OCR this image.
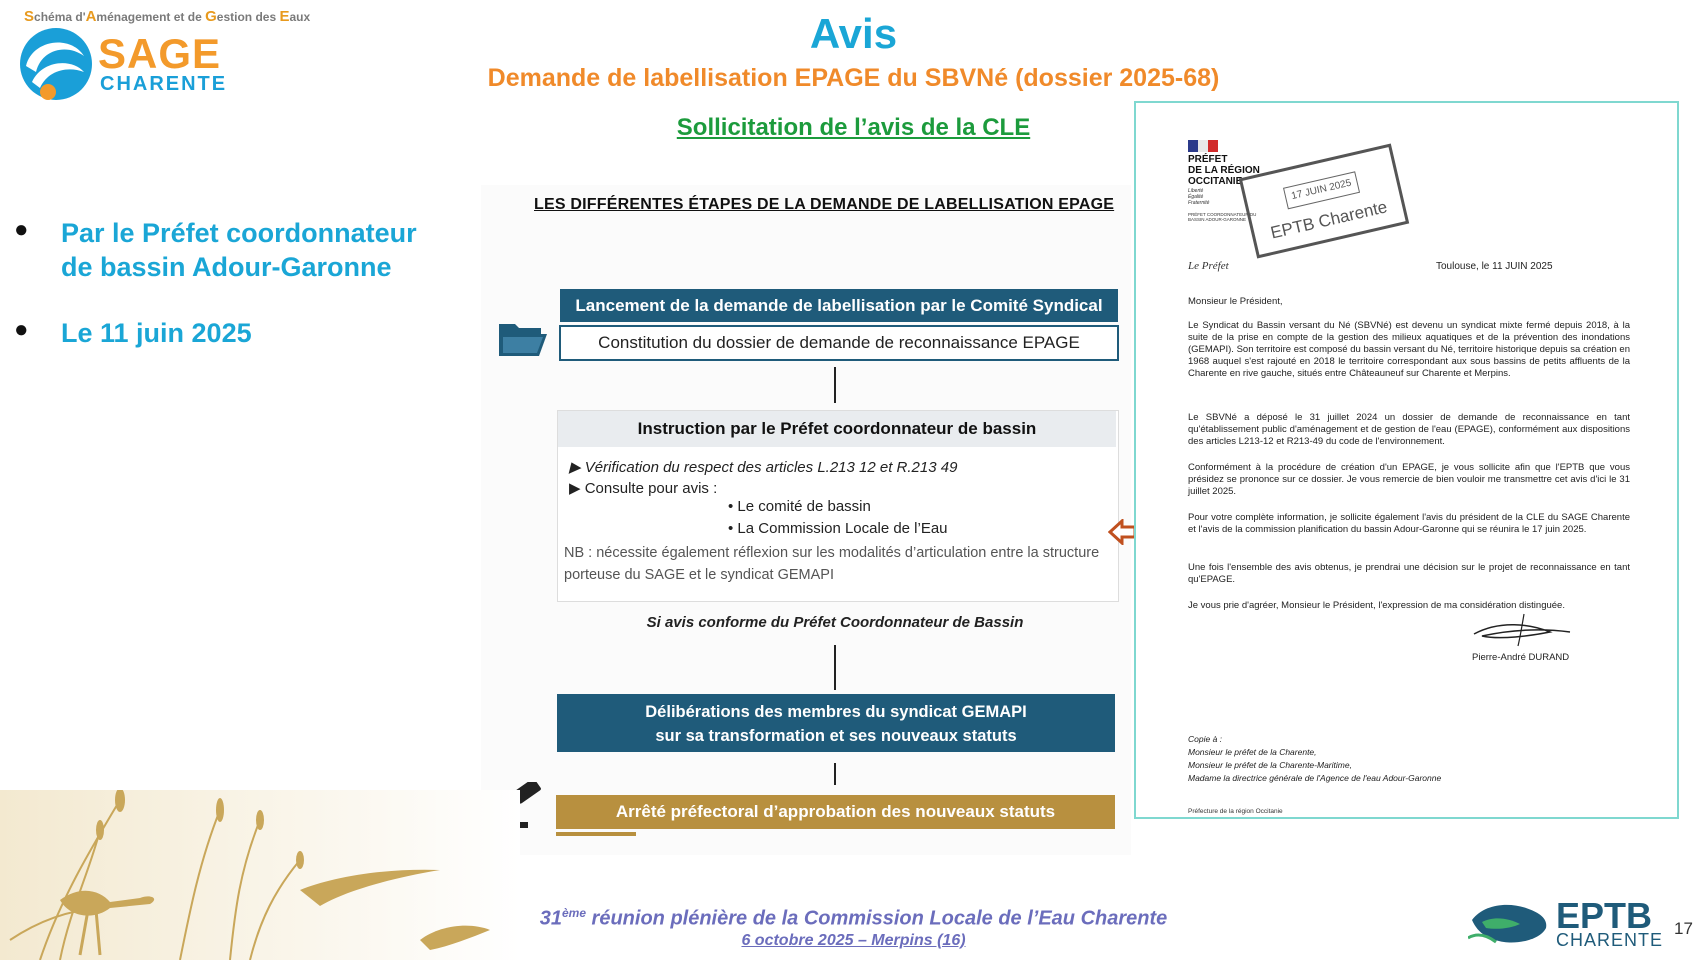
Schéma d'Aménagement et de Gestion des Eaux
SAGE
CHARENTE
Avis
Demande de labellisation EPAGE du SBVNé (dossier 2025-68)
Sollicitation de l’avis de la CLE
● Par le Préfet coordonnateur
de bassin Adour-Garonne
● Le 11 juin 2025
LES DIFFÉRENTES ÉTAPES DE LA DEMANDE DE LABELLISATION EPAGE
Lancement de la demande de labellisation par le Comité Syndical
Constitution du dossier de demande de reconnaissance EPAGE
Instruction par le Préfet coordonnateur de bassin
▶ Vérification du respect des articles L.213 12 et R.213 49
▶ Consulte pour avis :
• Le comité de bassin
• La Commission Locale de l’Eau
NB : nécessite également réflexion sur les modalités d’articulation entre la structure porteuse du SAGE et le syndicat GEMAPI
Si avis conforme du Préfet Coordonnateur de Bassin
Délibérations des membres du syndicat GEMAPI
sur sa transformation et ses nouveaux statuts
Arrêté préfectoral d’approbation des nouveaux statuts
PRÉFET
DE LA RÉGION
OCCITANIE
Liberté
Égalité
Fraternité
PRÉFET COORDONNATEUR DU BASSIN ADOUR-GARONNE
17 JUIN 2025
EPTB Charente
Le Préfet	Toulouse, le 11 JUIN 2025
Monsieur le Président,
Le Syndicat du Bassin versant du Né (SBVNé) est devenu un syndicat mixte fermé depuis 2018, à la suite de la prise en compte de la gestion des milieux aquatiques et de la prévention des inondations (GEMAPI). Son territoire est composé du bassin versant du Né, territoire historique depuis sa création en 1968 auquel s'est rajouté en 2018 le territoire correspondant aux sous bassins de petits affluents de la Charente en rive gauche, situés entre Châteauneuf sur Charente et Merpins.
Le SBVNé a déposé le 31 juillet 2024 un dossier de demande de reconnaissance en tant qu'établissement public d'aménagement et de gestion de l'eau (EPAGE), conformément aux dispositions des articles L213-12 et R213-49 du code de l'environnement.
Conformément à la procédure de création d'un EPAGE, je vous sollicite afin que l'EPTB que vous présidez se prononce sur ce dossier. Je vous remercie de bien vouloir me transmettre cet avis d'ici le 31 juillet 2025.
Pour votre complète information, je sollicite également l'avis du président de la CLE du SAGE Charente et l'avis de la commission planification du bassin Adour-Garonne qui se réunira le 17 juin 2025.
Une fois l'ensemble des avis obtenus, je prendrai une décision sur le projet de reconnaissance en tant qu'EPAGE.
Je vous prie d'agréer, Monsieur le Président, l'expression de ma considération distinguée.
Pierre-André DURAND
Copie à :
Monsieur le préfet de la Charente,
Monsieur le préfet de la Charente-Maritime,
Madame la directrice générale de l'Agence de l'eau Adour-Garonne
Préfecture de la région Occitanie
31ème réunion plénière de la Commission Locale de l’Eau Charente
6 octobre 2025 – Merpins (16)
EPTB
CHARENTE
17
